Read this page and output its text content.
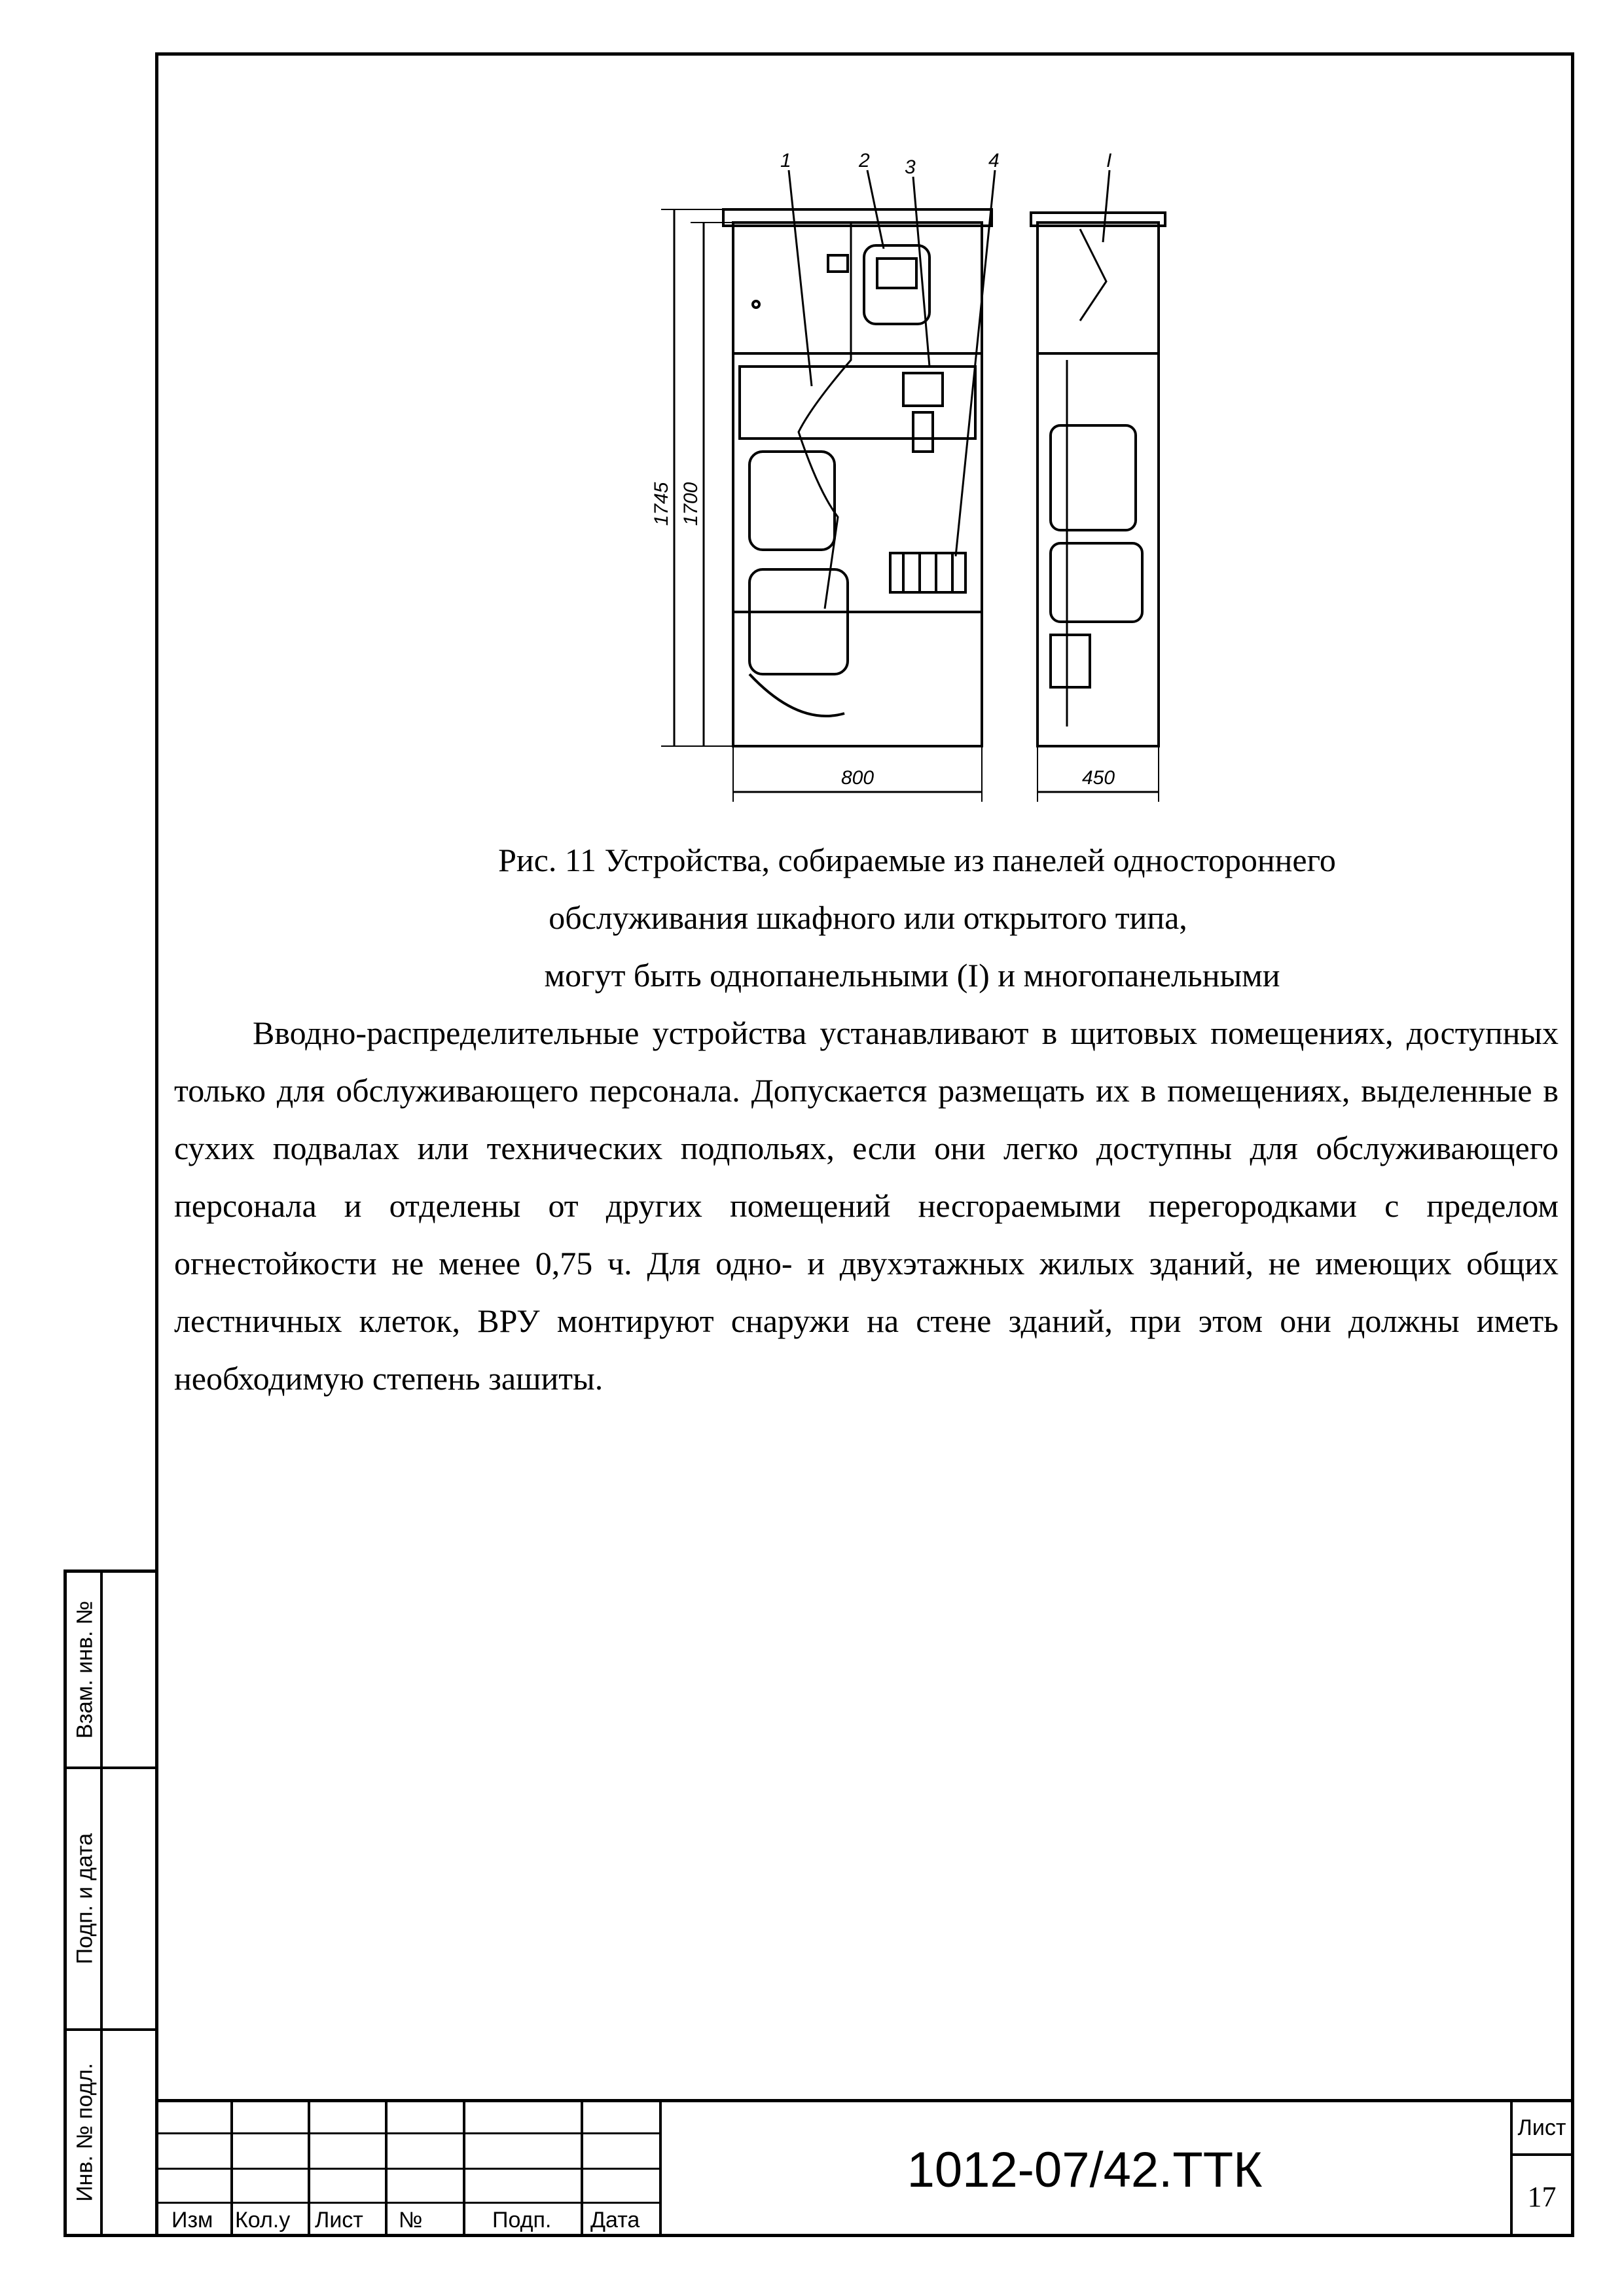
1	2 3	4	I
1745 1700
800	450
Рис. 11 Устройства, собираемые из панелей одностороннего
обслуживания шкафного или открытого типа,
могут быть однопанельными (I) и многопанельными

Вводно-распределительные устройства устанавливают в щитовых помещениях, доступных только для обслуживающего персонала. Допускается размещать их в помещениях, выделенные в сухих подвалах или технических подпольях, если они легко доступны для обслуживающего персонала и отделены от других помещений несгораемыми перегородками с пределом огнестойкости не менее 0,75 ч. Для одно- и двухэтажных жилых зданий, не имеющих общих лестничных клеток, ВРУ монтируют снаружи на стене зданий, при этом они должны иметь необходимую степень зашиты.

Взам. инв. №
Подп. и дата
Инв. № подл.
Изм Кол.у Лист №	Подп. Дата
1012-07/42.ТТК
Лист
17
